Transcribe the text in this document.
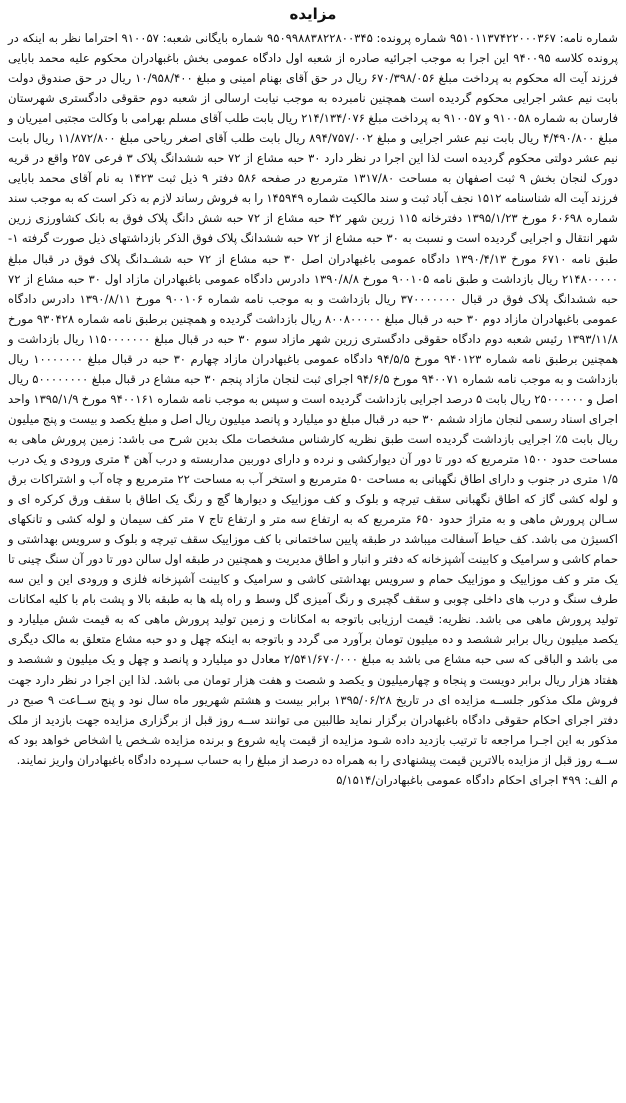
مزایده

شماره نامه: ۹۵۱۰۱۱۳۷۴۲۲۰۰۰۳۶۷ شماره پرونده: ۹۵۰۹۹۸۸۳۸۲۲۸۰۰۳۴۵ شماره بایگانی شعبه: ۹۱۰۰۵۷ احتراما نظر به اینکه در پرونده کلاسه ۹۴۰۰۹۵ این اجرا به موجب اجرائیه صادره از شعبه اول دادگاه عمومی بخش باغبهادران محکوم علیه محمد بابایی فرزند آیت اله محکوم به پرداخت مبلغ ۶۷۰/۳۹۸/۰۵۶ ریال در حق آقای بهنام امینی و مبلغ ۱۰/۹۵۸/۴۰۰ ریال در حق صندوق دولت بابت نیم عشر اجرایی محکوم گردیده است همچنین نامبرده به موجب نیابت ارسالی از شعبه دوم حقوقی دادگستری شهرستان فارسان به شماره ۹۱۰۰۵۸ و ۹۱۰۰۵۷ به پرداخت مبلغ ۲۱۴/۱۳۴/۰۷۶ ریال بابت طلب آقای مسلم بهرامی با وکالت مجتبی امیریان و مبلغ ۴/۴۹۰/۸۰۰ ریال بابت نیم عشر اجرایی و مبلغ ۸۹۴/۷۵۷/۰۰۲ ریال بابت طلب آقای اصغر ریاحی مبلغ ۱۱/۸۷۲/۸۰۰ ریال بابت نیم عشر دولتی محکوم گردیده است لذا این اجرا در نظر دارد ۳۰ حبه مشاع از ۷۲ حبه ششدانگ پلاک ۳ فرعی ۲۵۷ واقع در قریه دورک لنجان بخش ۹ ثبت اصفهان به مساحت ۱۳۱۷/۸۰ مترمربع در صفحه ۵۸۶ دفتر ۹ ذیل ثبت ۱۴۲۳ به نام آقای محمد بابایی فرزند آیت اله شناسنامه ۱۵۱۲ نجف آباد ثبت و سند مالکیت شماره ۱۴۵۹۴۹ را به فروش رساند لازم به ذکر است که به موجب سند شماره ۶۰۶۹۸ مورخ ۱۳۹۵/۱/۲۳ دفترخانه ۱۱۵ زرین شهر ۴۲ حبه مشاع از ۷۲ حبه شش دانگ پلاک فوق به بانک کشاورزی زرین شهر انتقال و اجرایی گردیده است و نسبت به ۳۰ حبه مشاع از ۷۲ حبه ششدانگ پلاک فوق الذکر بازداشتهای ذیل صورت گرفته ۱- طبق نامه ۶۷۱۰ مورخ ۱۳۹۰/۴/۱۳ دادگاه عمومی باغبهادران اصل ۳۰ حبه مشاع از ۷۲ حبه ششـدانگ پلاک فوق در قبال مبلغ ۲۱۴۸۰۰۰۰۰ ریال بازداشت و طبق نامه ۹۰۰۱۰۵ مورخ ۱۳۹۰/۸/۸ دادرس دادگاه عمومی باغبهادران مازاد اول ۳۰ حبه مشاع از ۷۲ حبه ششدانگ پلاک فوق در قبال ۳۷۰۰۰۰۰۰۰ ریال بازداشت و به موجب نامه شماره ۹۰۰۱۰۶ مورخ ۱۳۹۰/۸/۱۱ دادرس دادگاه عمومی باغبهادران مازاد دوم ۳۰ حبه در قبال مبلغ ۸۰۰۸۰۰۰۰۰ ریال بازداشت گردیده و همچنین برطبق نامه شماره ۹۳۰۴۲۸ مورخ ۱۳۹۳/۱۱/۸ رئیس شعبه دوم دادگاه حقوقی دادگستری زرین شهر مازاد سوم ۳۰ حبه در قبال مبلغ ۱۱۵۰۰۰۰۰۰۰ ریال بازداشت و همچنین برطبق نامه شماره ۹۴۰۱۲۳ مورخ ۹۴/۵/۵ دادگاه عمومی باغبهادران مازاد چهارم ۳۰ حبه در قبال مبلغ ۱۰۰۰۰۰۰۰ ریال بازداشت و به موجب نامه شماره ۹۴۰۰۷۱ مورخ ۹۴/۶/۵ اجرای ثبت لنجان مازاد پنجم ۳۰ حبه مشاع در قبال مبلغ ۵۰۰۰۰۰۰۰۰ ریال اصل و ۲۵۰۰۰۰۰۰ ریال بابت ۵ درصد اجرایی بازداشت گردیده است و سپس به موجب نامه شماره ۹۴۰۰۱۶۱ مورخ ۱۳۹۵/۱/۹ واحد اجرای اسناد رسمی لنجان مازاد ششم ۳۰ حبه در قبال مبلغ دو میلیارد و پانصد میلیون ریال اصل و مبلغ یکصد و بیست و پنج میلیون ریال بابت ۵٪ اجرایی بازداشت گردیده است طبق نظریه کارشناس مشخصات ملک بدین شرح می باشد: زمین پرورش ماهی به مساحت حدود ۱۵۰۰ مترمربع که دور تا دور آن دیوارکشی و نرده و دارای دوربین مداربسته و درب آهن ۴ متری ورودی و یک درب ۱/۵ متری در جنوب و دارای اطاق نگهبانی به مساحت ۵۰ مترمربع و استخر آب به مساحت ۲۲ مترمربع و چاه آب و اشتراکات برق و لوله کشی گاز که اطاق نگهبانی سقف تیرچه و بلوک و کف موزاییک و دیوارها گچ و رنگ یک اطاق با سقف ورق کرکره ای و سـالن پرورش ماهی و به متراژ حدود ۶۵۰ مترمربع که به ارتفاع سه متر و ارتفاع تاج ۷ متر کف سیمان و لوله کشی و تانکهای اکسیژن می باشد. کف حیاط آسفالت میباشد در طبقه پایین ساختمانی با کف موزاییک سقف تیرچه و بلوک و سرویس بهداشتی و حمام کاشی و سرامیک و کابینت آشپزخانه که دفتر و انبار و اطاق مدیریت و همچنین در طبقه اول سالن دور تا دور آن سنگ چینی تا یک متر و کف موزاییک و موزاییک حمام و سرویس بهداشتی کاشی و سرامیک و کابینت آشپزخانه فلزی و ورودی این و این سه طرف سنگ و درب های داخلی چوبی و سقف گچبری و رنگ آمیزی گل وسط و راه پله ها به طبقه بالا و پشت بام با کلیه امکانات تولید پرورش ماهی می باشد. نظریه: قیمت ارزیابی باتوجه به امکانات و زمین تولید پرورش ماهی که به قیمت شش میلیارد و یکصد میلیون ریال برابر ششصد و ده میلیون تومان برآورد می گردد و باتوجه به اینکه چهل و دو حبه مشاع متعلق به مالک دیگری می باشد و الباقی که سی حبه مشاع می باشد به مبلغ ۲/۵۴۱/۶۷۰/۰۰۰ معادل دو میلیارد و پانصد و چهل و یک میلیون و ششصد و هفتاد هزار ریال برابر دویست و پنجاه و چهارمیلیون و یکصد و شصت و هفت هزار تومان می باشد. لذا این اجرا در نظر دارد جهت فروش ملک مذکور جلســه مزایده ای در تاریخ ۱۳۹۵/۰۶/۲۸ برابر بیست و هشتم شهریور ماه سال نود و پنج ســاعت ۹ صبح در دفتر اجرای احکام حقوقی دادگاه باغبهادران برگزار نماید طالبین می توانند ســه روز قبل از برگزاری مزایده جهت بازدید از ملک مذکور به این اجـرا مراجعه تا ترتیب بازدید داده شـود مزایده از قیمت پایه شروع و برنده مزایده شـخص یا اشخاص خواهد بود که ســه روز قبل از مزایده بالاترین قیمت پیشنهادی را به همراه ده درصد از مبلغ را به حساب سـپرده دادگاه باغبهادران واریز نمایند.

م الف: ۴۹۹ اجرای احکام دادگاه عمومی باغبهادران/۵/۱۵۱۴
